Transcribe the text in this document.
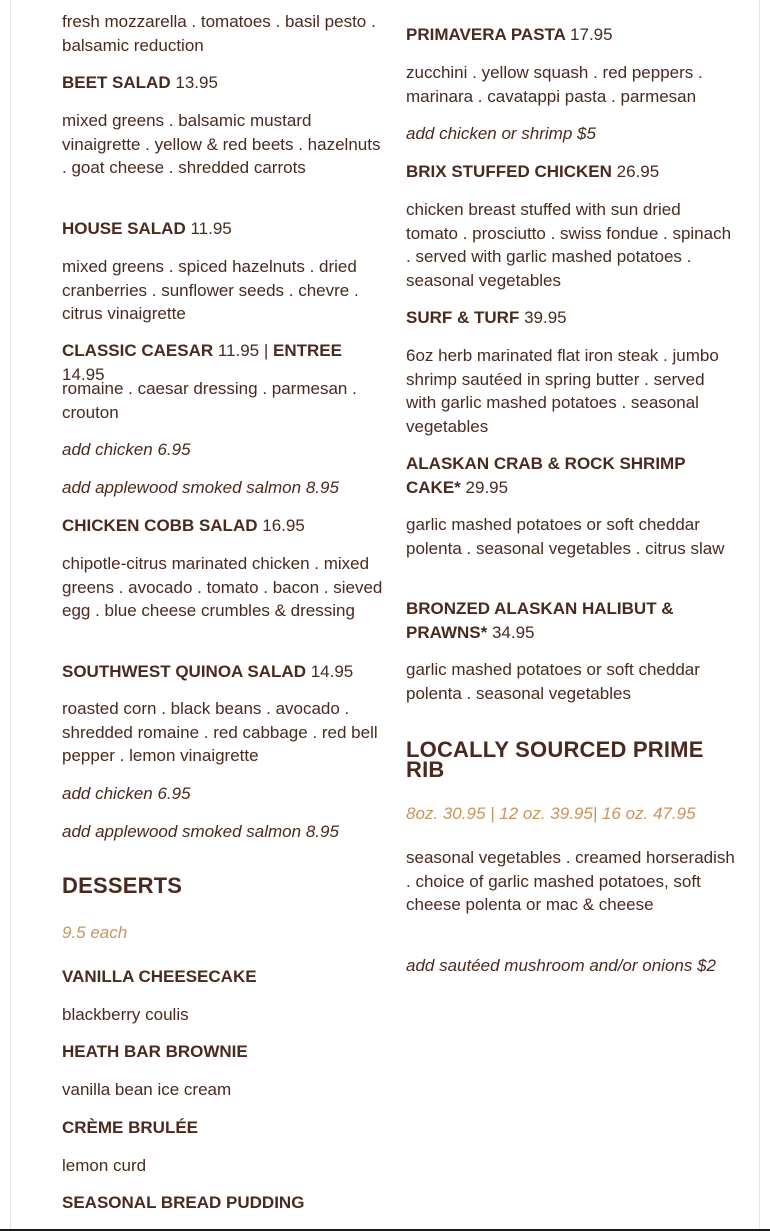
fresh mozzarella . tomatoes . basil pesto . balsamic reduction
BEET SALAD 13.95
mixed greens . balsamic mustard vinaigrette . yellow & red beets . hazelnuts . goat cheese . shredded carrots
HOUSE SALAD 11.95
mixed greens . spiced hazelnuts . dried cranberries . sunflower seeds . chevre . citrus vinaigrette
CLASSIC CAESAR 11.95 | ENTREE 14.95
romaine . caesar dressing . parmesan . crouton
add chicken 6.95
add applewood smoked salmon 8.95
CHICKEN COBB SALAD 16.95
chipotle-citrus marinated chicken . mixed greens . avocado . tomato . bacon . sieved egg . blue cheese crumbles & dressing
SOUTHWEST QUINOA SALAD 14.95
roasted corn . black beans . avocado . shredded romaine . red cabbage . red bell pepper . lemon vinaigrette
add chicken 6.95
add applewood smoked salmon 8.95
DESSERTS
9.5 each
VANILLA CHEESECAKE
blackberry coulis
HEATH BAR BROWNIE
vanilla bean ice cream
CRÈME BRULÉE
lemon curd
SEASONAL BREAD PUDDING
PRIMAVERA PASTA 17.95
zucchini . yellow squash . red peppers . marinara . cavatappi pasta . parmesan
add chicken or shrimp $5
BRIX STUFFED CHICKEN 26.95
chicken breast stuffed with sun dried tomato . prosciutto . swiss fondue . spinach . served with garlic mashed potatoes . seasonal vegetables
SURF & TURF 39.95
6oz herb marinated flat iron steak . jumbo shrimp sautéed in spring butter . served with garlic mashed potatoes . seasonal vegetables
ALASKAN CRAB & ROCK SHRIMP CAKE* 29.95
garlic mashed potatoes or soft cheddar polenta . seasonal vegetables . citrus slaw
BRONZED ALASKAN HALIBUT & PRAWNS* 34.95
garlic mashed potatoes or soft cheddar polenta . seasonal vegetables
LOCALLY SOURCED PRIME RIB
8oz. 30.95 | 12 oz. 39.95| 16 oz. 47.95
seasonal vegetables . creamed horseradish . choice of garlic mashed potatoes, soft cheese polenta or mac & cheese
add sautéed mushroom and/or onions $2
